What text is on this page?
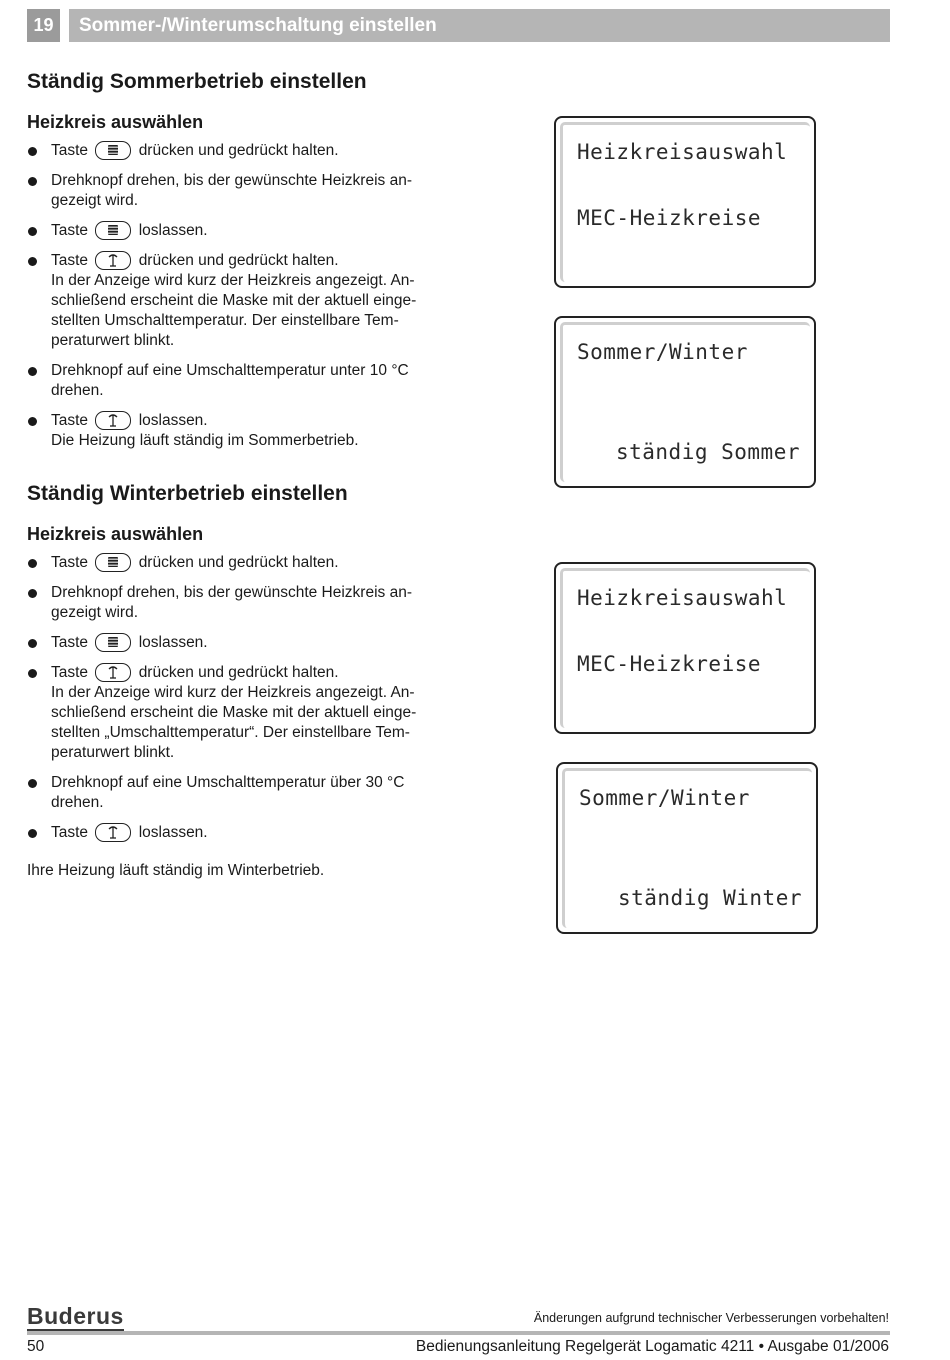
19	Sommer-/Winterumschaltung einstellen
Ständig Sommerbetrieb einstellen
Heizkreis auswählen
Taste	drücken und gedrückt halten.
Drehknopf drehen, bis der gewünschte Heizkreis an-gezeigt wird.
Taste	loslassen.
Taste	drücken und gedrückt halten.
In der Anzeige wird kurz der Heizkreis angezeigt. An-schließend erscheint die Maske mit der aktuell einge-stellten Umschalttemperatur. Der einstellbare Tem-peraturwert blinkt.
Drehknopf auf eine Umschalttemperatur unter 10 °C drehen.
Taste	loslassen.
Die Heizung läuft ständig im Sommerbetrieb.
Ständig Winterbetrieb einstellen
Heizkreis auswählen
Taste	drücken und gedrückt halten.
Drehknopf drehen, bis der gewünschte Heizkreis an-gezeigt wird.
Taste	loslassen.
Taste	drücken und gedrückt halten.
In der Anzeige wird kurz der Heizkreis angezeigt. An-schließend erscheint die Maske mit der aktuell einge-stellten „Umschalttemperatur“. Der einstellbare Tem-peraturwert blinkt.
Drehknopf auf eine Umschalttemperatur über 30 °C drehen.
Taste	loslassen.
Ihre Heizung läuft ständig im Winterbetrieb.
Heizkreisauswahl
MEC-Heizkreise
Sommer/Winter
ständig Sommer
Heizkreisauswahl
MEC-Heizkreise
Sommer/Winter
ständig Winter
Buderus	Änderungen aufgrund technischer Verbesserungen vorbehalten!
50	Bedienungsanleitung Regelgerät Logamatic 4211 • Ausgabe 01/2006
